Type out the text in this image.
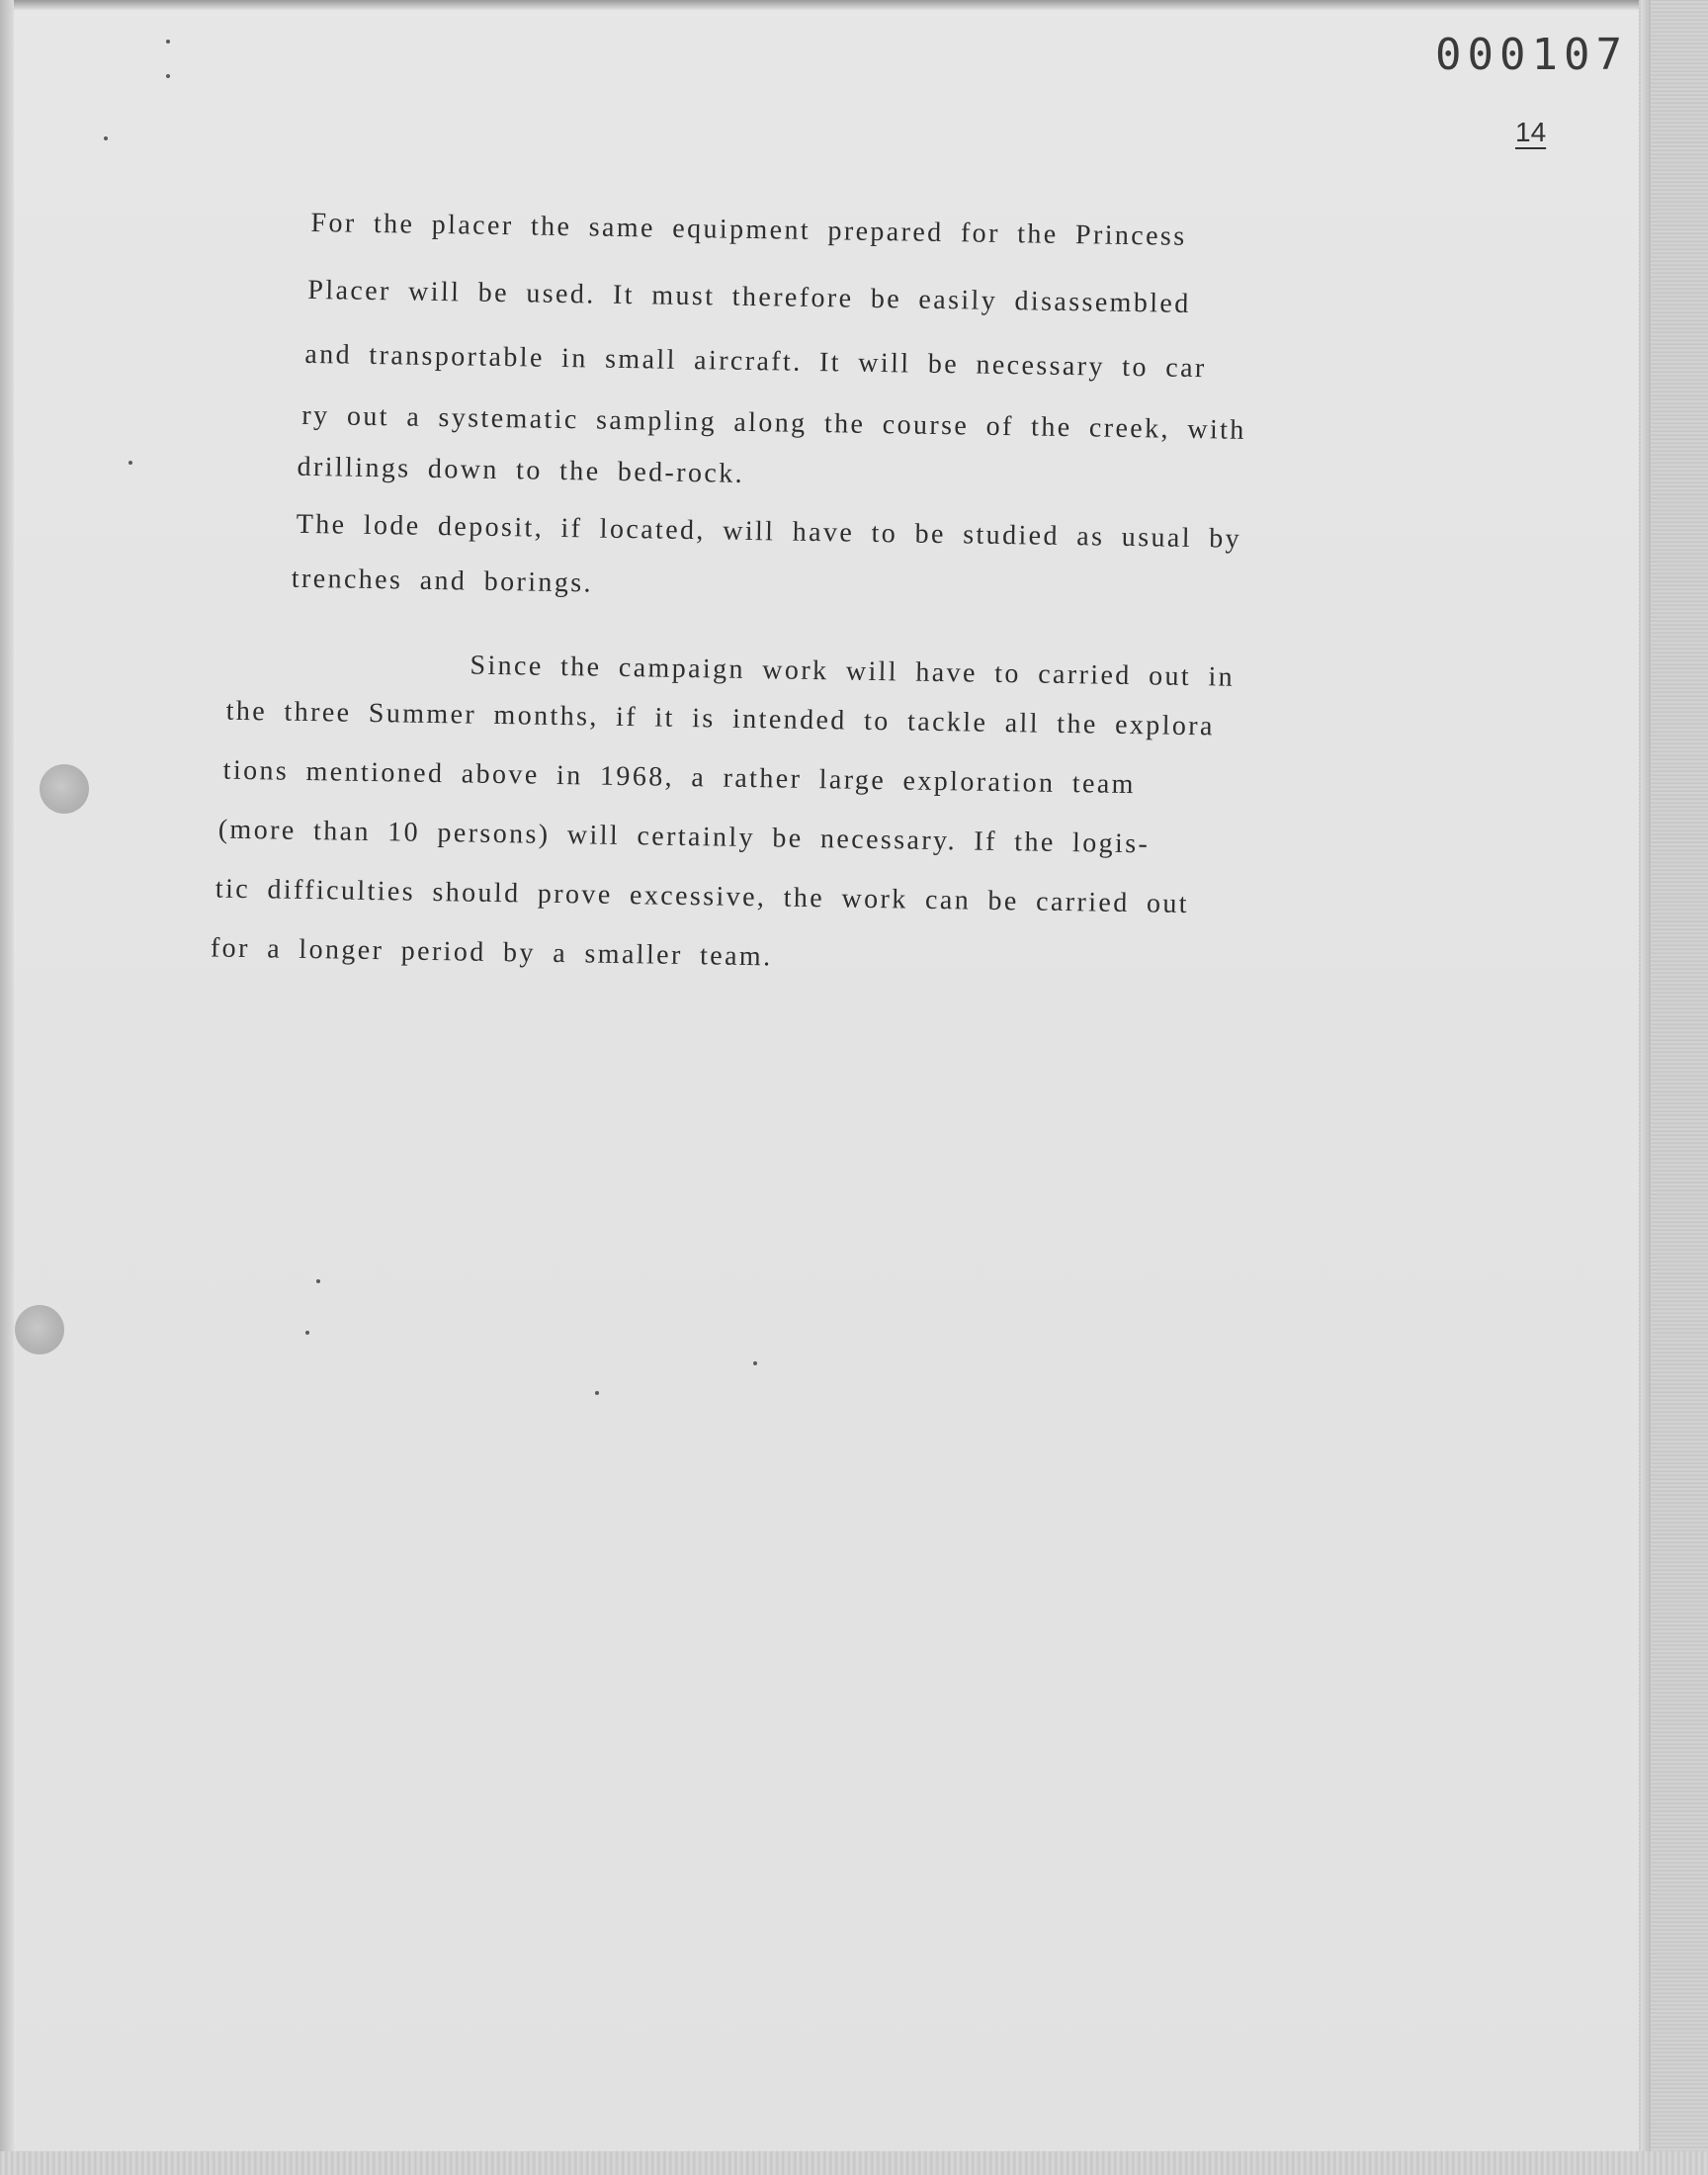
000107
14
For the placer the same equipment prepared for the Princess
Placer will be used. It must therefore be easily disassembled
and transportable in small aircraft. It will be necessary to car
ry out a systematic sampling along the course of the creek, with
drillings down to the bed-rock.
The lode deposit, if located, will have to be studied as usual by
trenches and borings.
Since the campaign work will have to carried out in
the three Summer months, if it is intended to tackle all the explora
tions mentioned above in 1968, a rather large exploration team
(more than 10 persons) will certainly be necessary. If the logis-
tic difficulties should prove excessive, the work can be carried out
for a longer period by a smaller team.
